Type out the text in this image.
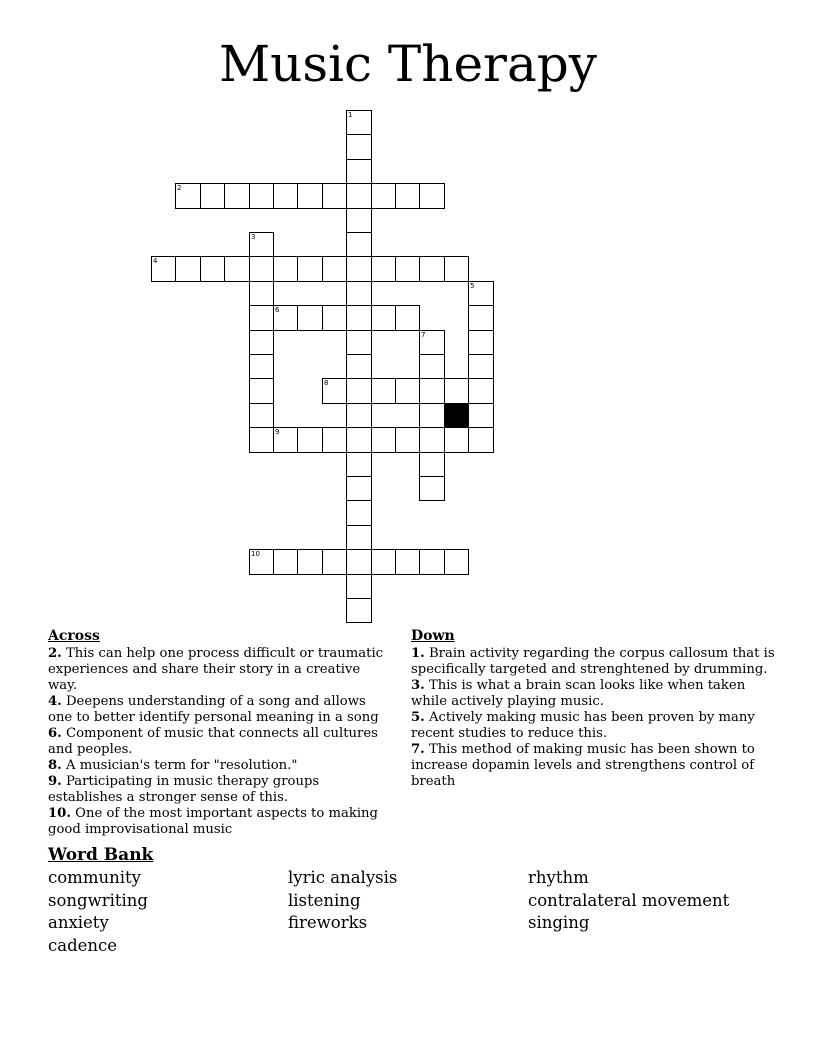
Music Therapy
1
2
3
4
5
6
7
8
9
10
Across
2. This can help one process difficult or traumatic experiences and share their story in a creative way.
4. Deepens understanding of a song and allows one to better identify personal meaning in a song
6. Component of music that connects all cultures and peoples.
8. A musician's term for "resolution."
9. Participating in music therapy groups establishes a stronger sense of this.
10. One of the most important aspects to making good improvisational music
Down
1. Brain activity regarding the corpus callosum that is specifically targeted and strenghtened by drumming.
3. This is what a brain scan looks like when taken while actively playing music.
5. Actively making music has been proven by many recent studies to reduce this.
7. This method of making music has been shown to increase dopamin levels and strengthens control of breath
Word Bank
community
songwriting
anxiety
cadence
lyric analysis
listening
fireworks
rhythm
contralateral movement
singing
